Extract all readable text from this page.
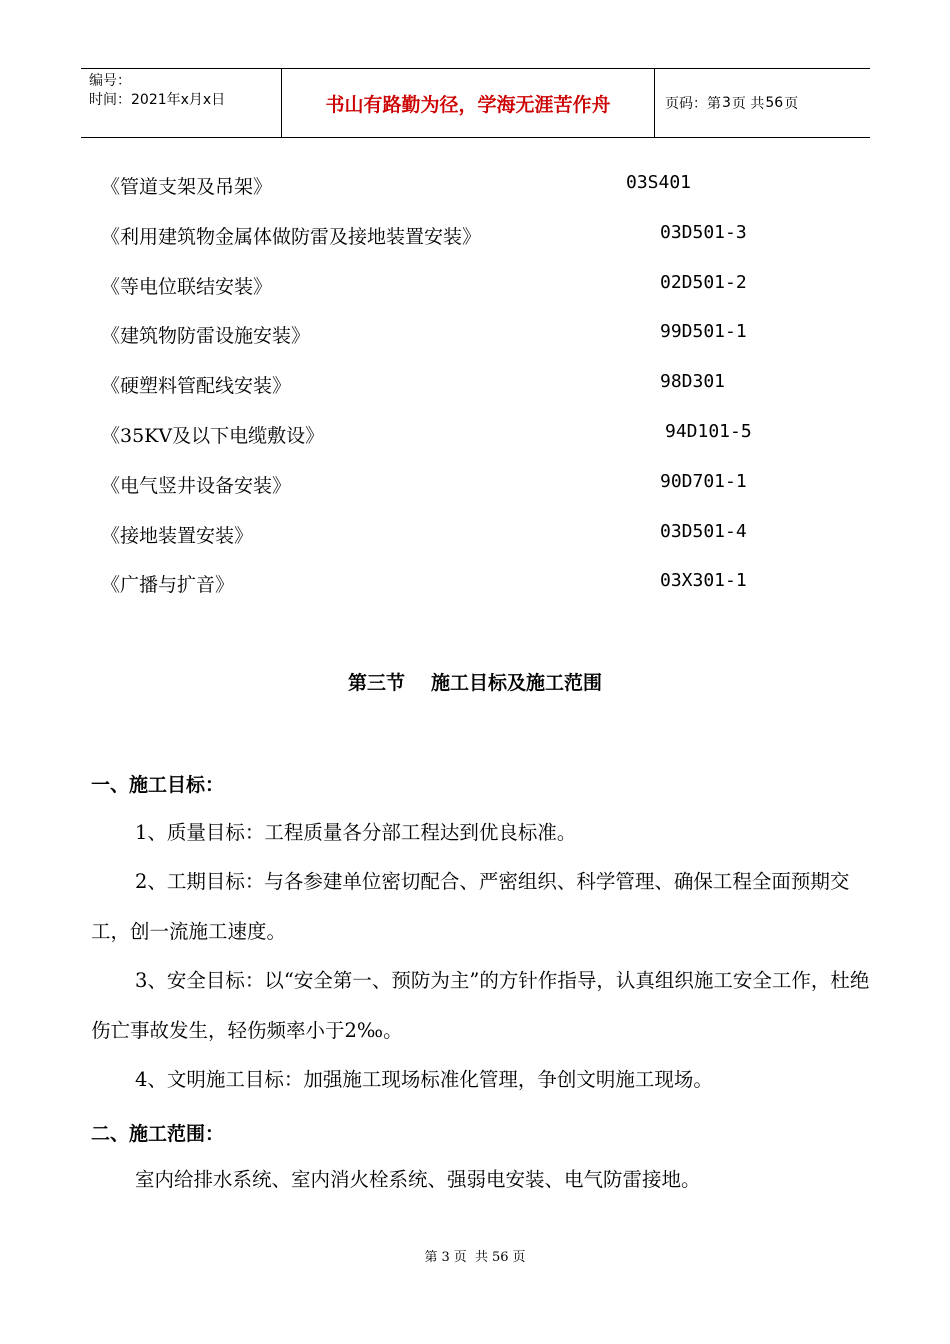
编号：
时间：2021年x月x日	书山有路勤为径，学海无涯苦作舟	页码：第 3 页 共 56 页
《管道支架及吊架》	03S401
《利用建筑物金属体做防雷及接地装置安装》	03D501-3
《等电位联结安装》	02D501-2
《建筑物防雷设施安装》	99D501-1
《硬塑料管配线安装》	98D301
《35KV及以下电缆敷设》	94D101-5
《电气竖井设备安装》	90D701-1
《接地装置安装》	03D501-4
《广播与扩音》	03X301-1
第三节 施工目标及施工范围
一、施工目标：
1、质量目标：工程质量各分部工程达到优良标准。
2、工期目标：与各参建单位密切配合、严密组织、科学管理、确保工程全面预期交工，创一流施工速度。
3、安全目标：以“安全第一、预防为主”的方针作指导，认真组织施工安全工作，杜绝伤亡事故发生，轻伤频率小于2‰。
4、文明施工目标：加强施工现场标准化管理，争创文明施工现场。
二、施工范围：
室内给排水系统、室内消火栓系统、强弱电安装、电气防雷接地。
第 3 页 共 56 页
